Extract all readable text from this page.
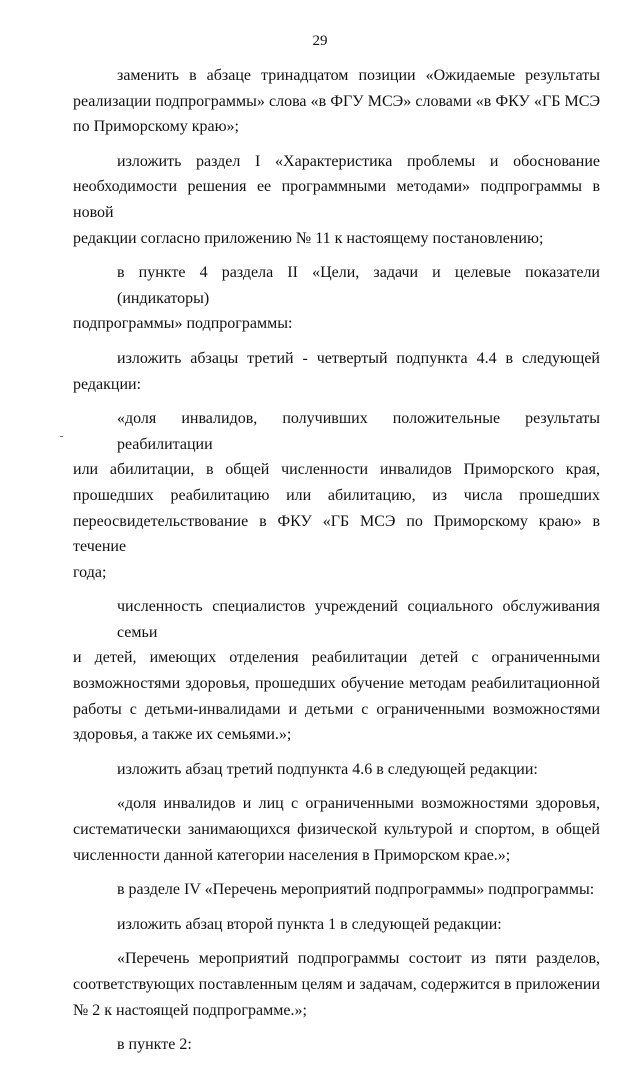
29

заменить в абзаце тринадцатом позиции «Ожидаемые результаты
реализации подпрограммы» слова «в ФГУ МСЭ» словами «в ФКУ «ГБ МСЭ
по Приморскому краю»;

изложить раздел I «Характеристика проблемы и обоснование
необходимости решения ее программными методами» подпрограммы в новой
редакции согласно приложению № 11 к настоящему постановлению;

в пункте 4 раздела II «Цели, задачи и целевые показатели (индикаторы)
подпрограммы» подпрограммы:

изложить абзацы третий - четвертый подпункта 4.4 в следующей
редакции:

«доля инвалидов, получивших положительные результаты реабилитации
или абилитации, в общей численности инвалидов Приморского края,
прошедших реабилитацию или абилитацию, из числа прошедших
переосвидетельствование в ФКУ «ГБ МСЭ по Приморскому краю» в течение
года;

численность специалистов учреждений социального обслуживания семьи
и детей, имеющих отделения реабилитации детей с ограниченными
возможностями здоровья, прошедших обучение методам реабилитационной
работы с детьми-инвалидами и детьми с ограниченными возможностями
здоровья, а также их семьями.»;

изложить абзац третий подпункта 4.6 в следующей редакции:

«доля инвалидов и лиц с ограниченными возможностями здоровья,
систематически занимающихся физической культурой и спортом, в общей
численности данной категории населения в Приморском крае.»;

в разделе IV «Перечень мероприятий подпрограммы» подпрограммы:

изложить абзац второй пункта 1 в следующей редакции:

«Перечень мероприятий подпрограммы состоит из пяти разделов,
соответствующих поставленным целям и задачам, содержится в приложении
№ 2 к настоящей подпрограмме.»;

в пункте 2:
